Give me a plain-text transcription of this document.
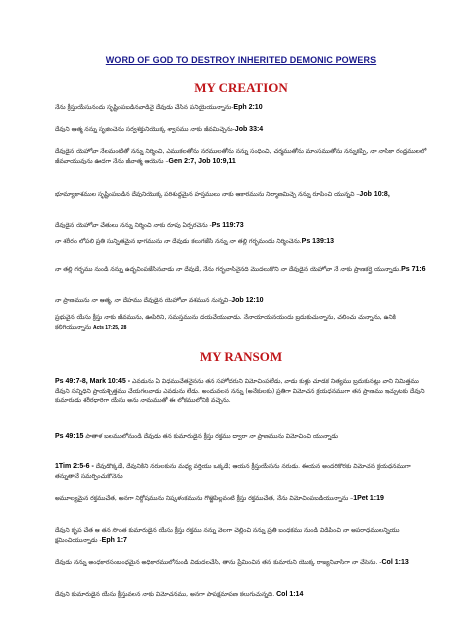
WORD OF GOD TO DESTROY INHERITED DEMONIC POWERS
MY CREATION
నేను క్రీస్తుయేసునందు సృష్టింపబడినవాడినై దేవుడు చేసిన పనియైయున్నాను-Eph 2:10
దేవుని ఆత్మ నన్ను సృజించెను సర్వశక్తునియొక్క శ్వాసము నాకు జీవమిచ్చెను-Job 33:4
దేవుడైన యెహోవా నేలమంటితో నన్ను నిర్మించి, ఎముకలతోను నరములతోను నన్ను సంధించి, చర్మముతోను మాంసముతోను నన్నుకప్పి, నా నాసికా రంధ్రములలో జీవవాయువును ఊదగా నేను జీవాత్మ ఆయెను –Gen 2:7, Job 10:9,11
భూమ్యాకాశముల సృష్టింపబడిన దేవునియొక్క పరిశుద్దమైన హస్తములు నాకు ఆకారమును నిర్మాణమిచ్చె నన్ను రూపించి యున్నవి –Job 10:8,
దేవుడైన యెహోవా చేతులు నన్ను నిర్మించి నాకు రూపు ఏర్పరచెను -Ps 119:73
నా శరీరం లోపలి ప్రతి సున్నితమైన భాగమును నా దేవుడు కలుగజేసి నన్ను నా తల్లి గర్భమందు నిర్మించెను.Ps 139:13
నా తల్లి గర్భము నుండి నన్ను ఉద్భవింపజేసినవాడు నా దేవుడే, నేను గర్భవాసినైనది మొదలుకొని నా దేవుడైన యెహోవా నే నాకు ప్రాణకర్తై యున్నాడు.Ps 71:6
నా ప్రాణమును నా ఆత్మ, నా దేహము దేవుడైన యెహోవా వశమున నున్నవి–Job 12:10
ప్రభువైన యేసు క్రీస్తు నాకు జీవమును, ఊపిరిని, సమస్తమును దయచేయువాడు. నేనాయాయనయందు బ్రదుకుచున్నాను, చలించు చున్నాను, ఉనికి కలిగియున్నాను Acts 17:25, 28
MY RANSOM
Ps 49:7-8, Mark 10:45 - ఎవడును ఏ విధముచేతనైనను తన సహోదరుని విమోచింపలేడు, వాడు కుళ్లు చూడక నిత్యము బ్రదుకునట్లు వాని నిమిత్తము దేవుని సన్నిధిని ప్రాయశ్చిత్తము చేయగలవాడు ఎవడును లేడు. అందువలన నన్ను (అనేకులకు) ప్రతిగా విమోచన క్రయధనముగా తన ప్రాణము ఇచ్చుటకు దేవుని కుమారుడు శరీరధారిగా యేసు అను నామముతో ఈ లోకములోనికి వచ్చెను.
Ps 49:15 పాతాళ బలములోనుండి దేవుడు తన కుమారుడైన క్రీస్తు రక్తము ద్వారా నా ప్రాణమును విమోచించి యున్నాడు
1Tim 2:5-6 - దేవుడొక్కడే, దేవునికిని నరులకును మధ్య వర్తియు ఒక్కడే; ఆయన క్రీస్తుయేసను నరుడు. ఈయన అందరికొరకు విమోచన క్రయధనముగా తన్నుతానే సమర్పించుకొనెను
అమూల్యమైన రక్తముచేత, అనగా నిర్దోషమును నిష్కళంకమును గొఱ్ఱెపిల్లవంటి క్రీస్తు రక్తముచేత, నేను విమోచింపబడియున్నాను –1Pet 1:19
దేవుని కృప చేత ఆ తన సొంత కుమారుడైన యేసు క్రీస్తు రక్తము నన్ను వెలగా చెల్లించి నన్ను ప్రతి బంధకము నుండి విడిపించి నా అపరాధములన్నియు క్షమించియున్నాడు -Eph 1:7
దేవుడు నన్ను అంధకారసంబంధమైన అధికారములోనుండి విడుదలచేసి, తాను ప్రేమించిన తన కుమారుని యొక్క రాజ్యనివాసిగా నా చేసెను. -Col 1:13
దేవుని కుమారుడైన యేసు క్రీస్తువలన నాకు విమోచనము, అనగా పాపక్షమాపణ కలుగుచున్నది. Col 1:14
